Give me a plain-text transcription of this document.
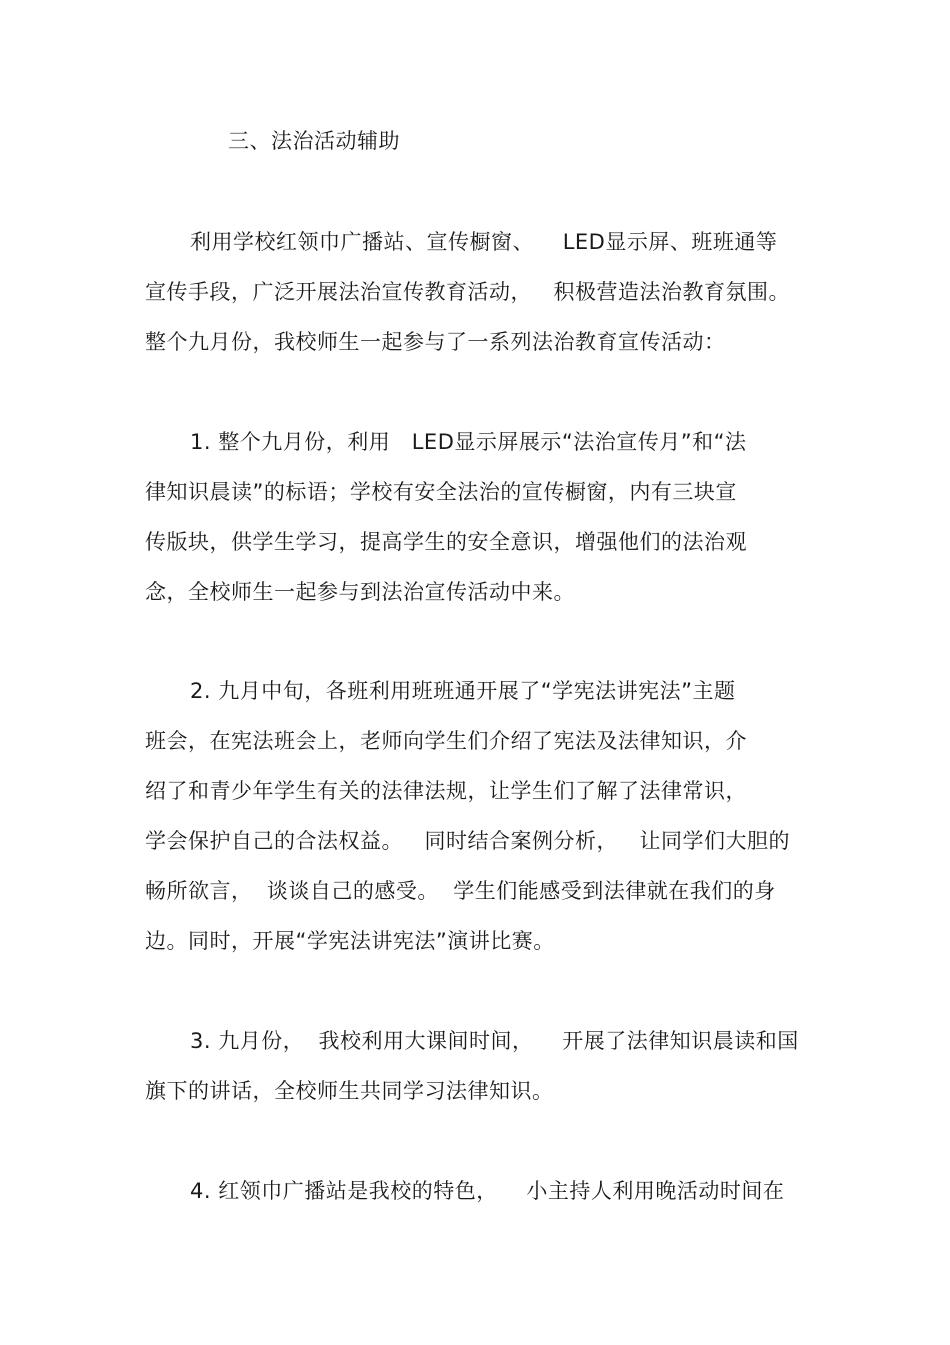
三、法治活动辅助
利用学校红领巾广播站、宣传橱窗、    LED显示屏、班班通等
宣传手段，广泛开展法治宣传教育活动，   积极营造法治教育氛围。
整个九月份，我校师生一起参与了一系列法治教育宣传活动：
1. 整个九月份，利用   LED显示屏展示“法治宣传月”和“法
律知识晨读”的标语；学校有安全法治的宣传橱窗，内有三块宣
传版块，供学生学习，提高学生的安全意识，增强他们的法治观
念，全校师生一起参与到法治宣传活动中来。
2. 九月中旬，各班利用班班通开展了“学宪法讲宪法”主题
班会，在宪法班会上，老师向学生们介绍了宪法及法律知识，介
绍了和青少年学生有关的法律法规，让学生们了解了法律常识，
学会保护自己的合法权益。   同时结合案例分析，   让同学们大胆的
畅所欲言，  谈谈自己的感受。  学生们能感受到法律就在我们的身
边。同时，开展“学宪法讲宪法”演讲比赛。
3. 九月份，  我校利用大课间时间，    开展了法律知识晨读和国
旗下的讲话，全校师生共同学习法律知识。
4. 红领巾广播站是我校的特色，    小主持人利用晚活动时间在
